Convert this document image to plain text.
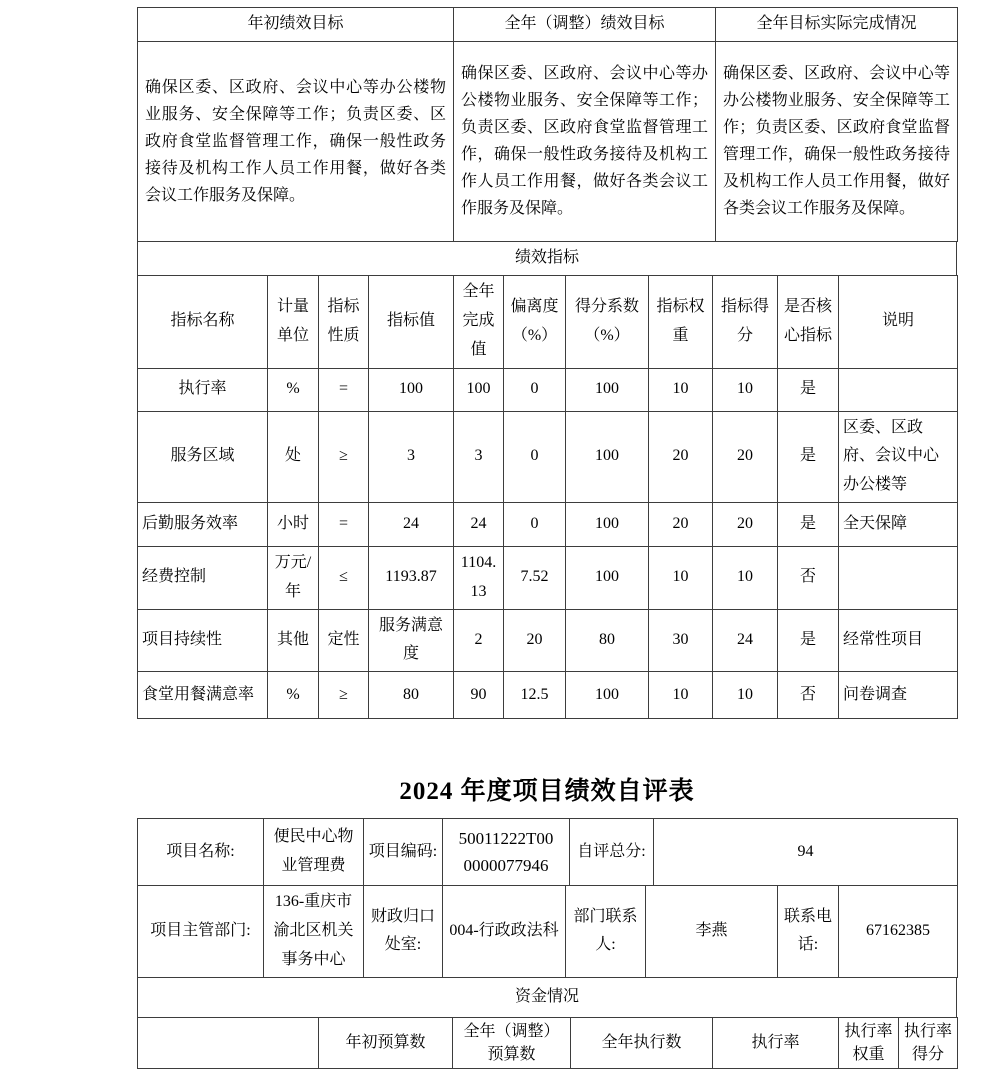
年初绩效目标	全年（调整）绩效目标	全年目标实际完成情况
确保区委、区政府、会议中心等办公楼物业服务、安全保障等工作；负责区委、区政府食堂监督管理工作，确保一般性政务接待及机构工作人员工作用餐，做好各类会议工作服务及保障。	确保区委、区政府、会议中心等办公楼物业服务、安全保障等工作；负责区委、区政府食堂监督管理工作，确保一般性政务接待及机构工作人员工作用餐，做好各类会议工作服务及保障。	确保区委、区政府、会议中心等办公楼物业服务、安全保障等工作；负责区委、区政府食堂监督管理工作，确保一般性政务接待及机构工作人员工作用餐，做好各类会议工作服务及保障。
绩效指标
指标名称	计量单位	指标性质	指标值	全年完成值	偏离度（%）	得分系数（%）	指标权重	指标得分	是否核心指标	说明
执行率	%	=	100	100	0	100	10	10	是	
服务区域	处	≥	3	3	0	100	20	20	是	区委、区政府、会议中心办公楼等
后勤服务效率	小时	=	24	24	0	100	20	20	是	全天保障
经费控制	万元/年	≤	1193.87	1104.13	7.52	100	10	10	否	
项目持续性	其他	定性	服务满意度	2	20	80	30	24	是	经常性项目
食堂用餐满意率	%	≥	80	90	12.5	100	10	10	否	问卷调查
2024 年度项目绩效自评表
项目名称:	便民中心物业管理费	项目编码:	50011222T000000077946	自评总分:	94
项目主管部门:	136-重庆市渝北区机关事务中心	财政归口处室:	004-行政政法科	部门联系人:	李燕	联系电话:	67162385
资金情况
	年初预算数	全年（调整）预算数	全年执行数	执行率	执行率权重	执行率得分
